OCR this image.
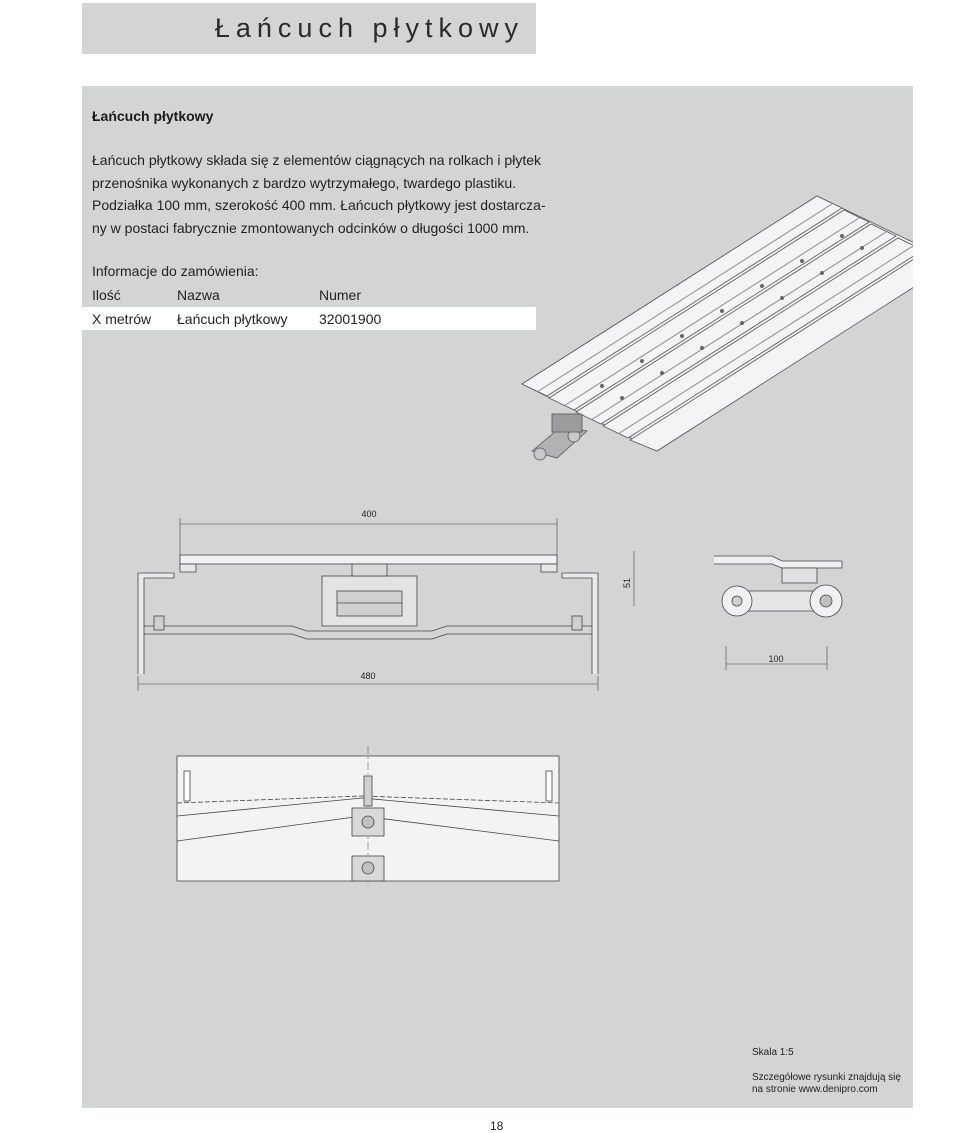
Łańcuch płytkowy
Łańcuch płytkowy
Łańcuch płytkowy składa się z elementów ciągnących na rolkach i płytek
przenośnika wykonanych z bardzo wytrzymałego, twardego plastiku.
Podziałka 100 mm, szerokość 400 mm. Łańcuch płytkowy jest dostarcza-
ny w postaci fabrycznie zmontowanych odcinków o długości 1000 mm.
Informacje do zamówienia:
Ilość	Nazwa	Numer
X metrów Łańcuch płytkowy 32001900
400
480
51
100
Skala 1:5
Szczegółowe rysunki znajdują się
na stronie www.denipro.com
18
